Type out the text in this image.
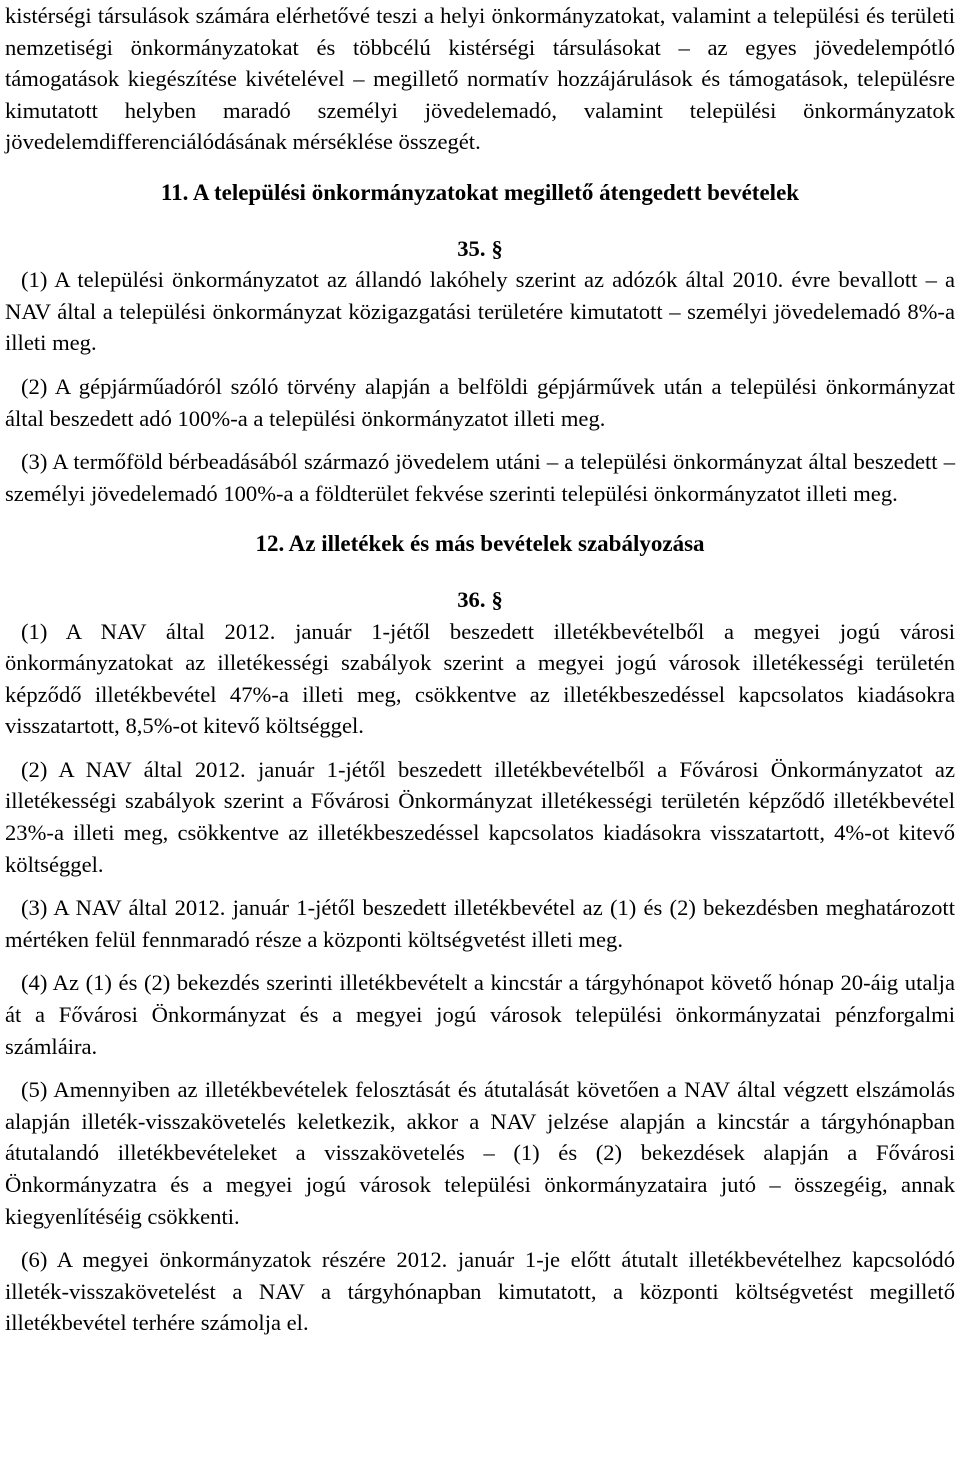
kistérségi társulások számára elérhetővé teszi a helyi önkormányzatokat, valamint a települési és területi nemzetiségi önkormányzatokat és többcélú kistérségi társulásokat – az egyes jövedelempótló támogatások kiegészítése kivételével – megillető normatív hozzájárulások és támogatások, településre kimutatott helyben maradó személyi jövedelemadó, valamint települési önkormányzatok jövedelemdifferenciálódásának mérséklése összegét.

11. A települési önkormányzatokat megillető átengedett bevételek

35. §

(1) A települési önkormányzatot az állandó lakóhely szerint az adózók által 2010. évre bevallott – a NAV által a települési önkormányzat közigazgatási területére kimutatott – személyi jövedelemadó 8%-a illeti meg.

(2) A gépjárműadóról szóló törvény alapján a belföldi gépjárművek után a települési önkormányzat által beszedett adó 100%-a a települési önkormányzatot illeti meg.

(3) A termőföld bérbeadásából származó jövedelem utáni – a települési önkormányzat által beszedett – személyi jövedelemadó 100%-a a földterület fekvése szerinti települési önkormányzatot illeti meg.

12. Az illetékek és más bevételek szabályozása

36. §

(1) A NAV által 2012. január 1-jétől beszedett illetékbevételből a megyei jogú városi önkormányzatokat az illetékességi szabályok szerint a megyei jogú városok illetékességi területén képződő illetékbevétel 47%-a illeti meg, csökkentve az illetékbeszedéssel kapcsolatos kiadásokra visszatartott, 8,5%-ot kitevő költséggel.

(2) A NAV által 2012. január 1-jétől beszedett illetékbevételből a Fővárosi Önkormányzatot az illetékességi szabályok szerint a Fővárosi Önkormányzat illetékességi területén képződő illetékbevétel 23%-a illeti meg, csökkentve az illetékbeszedéssel kapcsolatos kiadásokra visszatartott, 4%-ot kitevő költséggel.

(3) A NAV által 2012. január 1-jétől beszedett illetékbevétel az (1) és (2) bekezdésben meghatározott mértéken felül fennmaradó része a központi költségvetést illeti meg.

(4) Az (1) és (2) bekezdés szerinti illetékbevételt a kincstár a tárgyhónapot követő hónap 20-áig utalja át a Fővárosi Önkormányzat és a megyei jogú városok települési önkormányzatai pénzforgalmi számláira.

(5) Amennyiben az illetékbevételek felosztását és átutalását követően a NAV által végzett elszámolás alapján illeték-visszakövetelés keletkezik, akkor a NAV jelzése alapján a kincstár a tárgyhónapban átutalandó illetékbevételeket a visszakövetelés – (1) és (2) bekezdések alapján a Fővárosi Önkormányzatra és a megyei jogú városok települési önkormányzataira jutó – összegéig, annak kiegyenlítéséig csökkenti.

(6) A megyei önkormányzatok részére 2012. január 1-je előtt átutalt illetékbevételhez kapcsolódó illeték-visszakövetelést a NAV a tárgyhónapban kimutatott, a központi költségvetést megillető illetékbevétel terhére számolja el.
